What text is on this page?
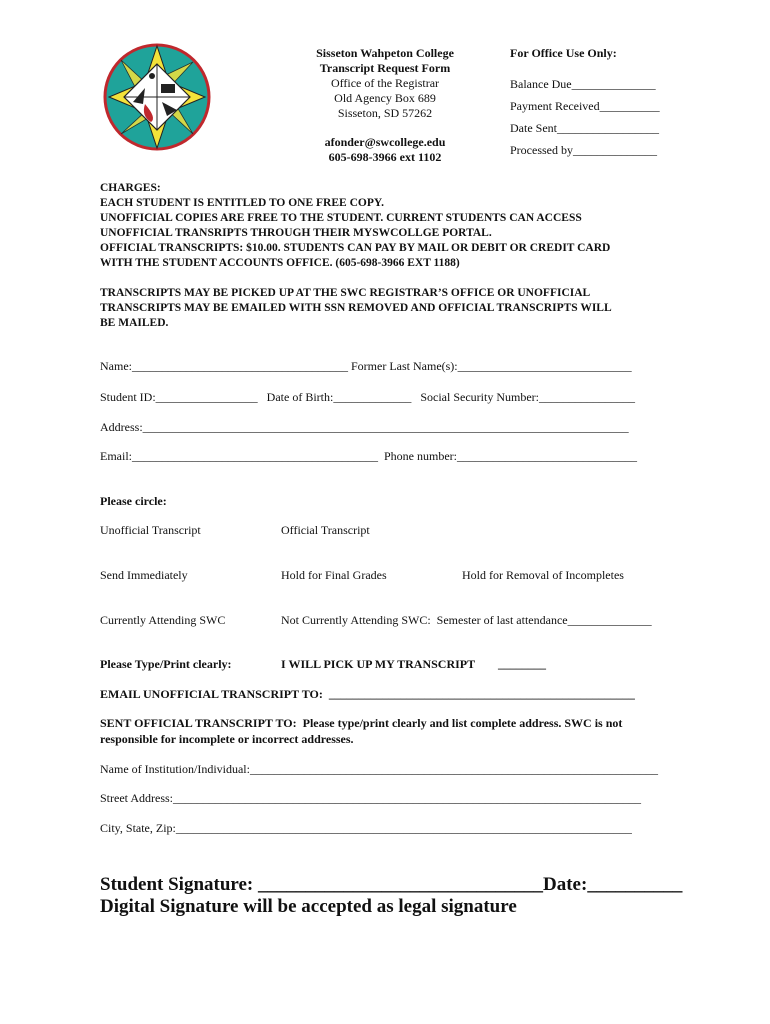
Sisseton Wahpeton College
Transcript Request Form
Office of the Registrar
Old Agency Box 689
Sisseton, SD 57262
afonder@swcollege.edu
605-698-3966 ext 1102
For Office Use Only:
Balance Due______________
Payment Received__________
Date Sent_________________
Processed by______________
CHARGES:
EACH STUDENT IS ENTITLED TO ONE FREE COPY.
UNOFFICIAL COPIES ARE FREE TO THE STUDENT. CURRENT STUDENTS CAN ACCESS
UNOFFICIAL TRANSRIPTS THROUGH THEIR MYSWCOLLGE PORTAL.
OFFICIAL TRANSCRIPTS: $10.00. STUDENTS CAN PAY BY MAIL OR DEBIT OR CREDIT CARD
WITH THE STUDENT ACCOUNTS OFFICE. (605-698-3966 EXT 1188)
TRANSCRIPTS MAY BE PICKED UP AT THE SWC REGISTRAR’S OFFICE OR UNOFFICIAL
TRANSCRIPTS MAY BE EMAILED WITH SSN REMOVED AND OFFICIAL TRANSCRIPTS WILL
BE MAILED.
Name:____________________________________ Former Last Name(s):_____________________________
Student ID:_________________ Date of Birth:_____________ Social Security Number:________________
Address:_________________________________________________________________________________
Email:_________________________________________ Phone number:______________________________
Please circle:
Unofficial Transcript	Official Transcript
Send Immediately	Hold for Final Grades	Hold for Removal of Incompletes
Currently Attending SWC	Not Currently Attending SWC:  Semester of last attendance______________
Please Type/Print clearly:	I WILL PICK UP MY TRANSCRIPT	________
EMAIL UNOFFICIAL TRANSCRIPT TO:  ___________________________________________________
SENT OFFICIAL TRANSCRIPT TO:  Please type/print clearly and list complete address. SWC is not
responsible for incomplete or incorrect addresses.
Name of Institution/Individual:____________________________________________________________________
Street Address:______________________________________________________________________________
City, State, Zip:____________________________________________________________________________
Student Signature: ______________________________Date:__________
Digital Signature will be accepted as legal signature
